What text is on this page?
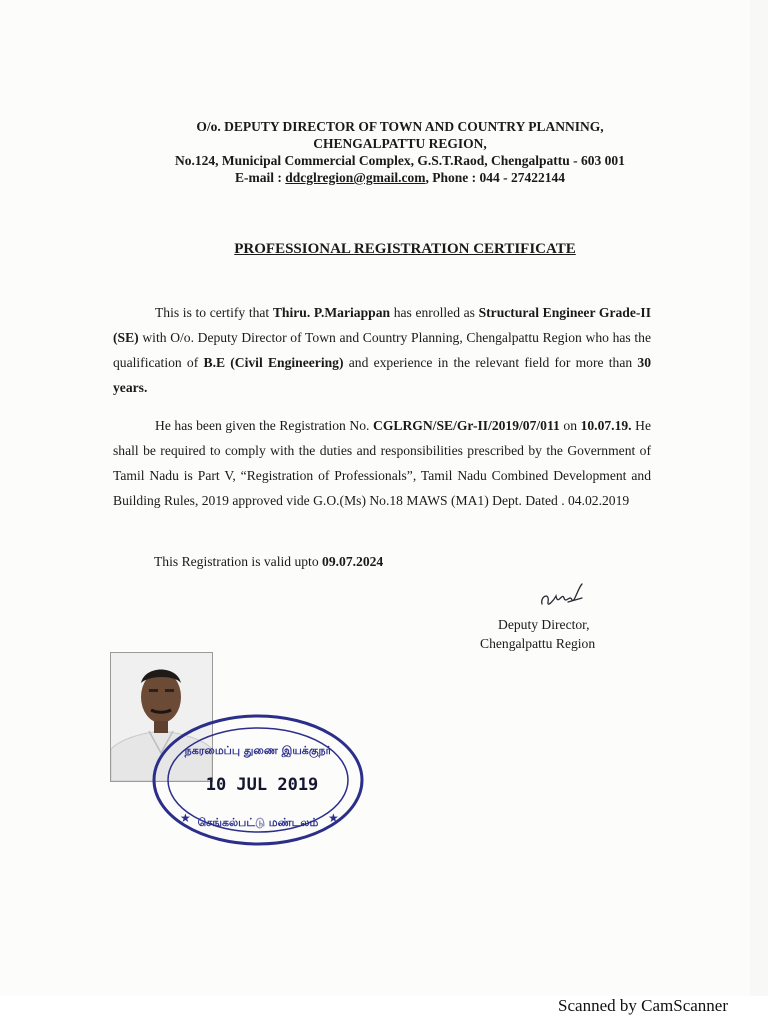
O/o. DEPUTY DIRECTOR OF TOWN AND COUNTRY PLANNING,
CHENGALPATTU REGION,
No.124, Municipal Commercial Complex, G.S.T.Raod, Chengalpattu - 603 001
E-mail : ddcglregion@gmail.com, Phone : 044 - 27422144
PROFESSIONAL REGISTRATION CERTIFICATE
This is to certify that Thiru. P.Mariappan has enrolled as Structural Engineer Grade-II (SE) with O/o. Deputy Director of Town and Country Planning, Chengalpattu Region who has the qualification of B.E (Civil Engineering) and experience in the relevant field for more than 30 years.
He has been given the Registration No. CGLRGN/SE/Gr-II/2019/07/011 on 10.07.19. He shall be required to comply with the duties and responsibilities prescribed by the Government of Tamil Nadu is Part V, “Registration of Professionals”, Tamil Nadu Combined Development and Building Rules, 2019 approved vide G.O.(Ms) No.18 MAWS (MA1) Dept. Dated . 04.02.2019
This Registration is valid upto 09.07.2024
Deputy Director,
Chengalpattu Region
நகரமைப்பு துணை இயக்குநர்
10 JUL 2019
செங்கல்பட்டு மண்டலம்
★	★
Scanned by CamScanner
